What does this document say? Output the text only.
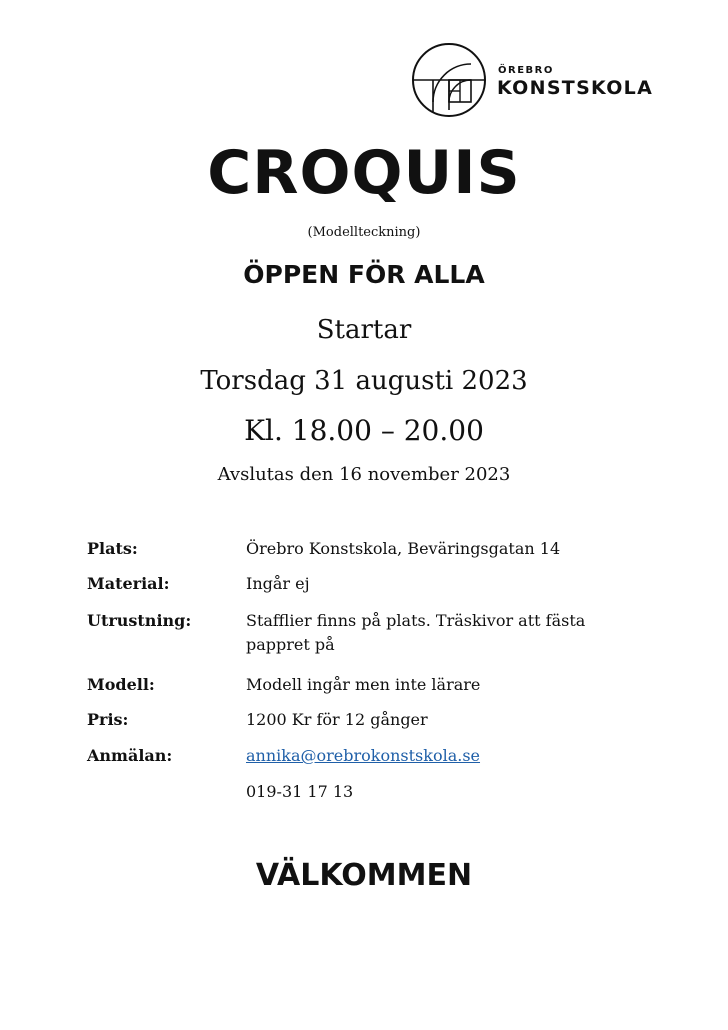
ÖREBRO
KONSTSKOLA
CROQUIS
(Modellteckning)
ÖPPEN FÖR ALLA
Startar
Torsdag 31 augusti 2023
Kl. 18.00 – 20.00
Avslutas den 16 november 2023
Plats:	Örebro Konstskola, Beväringsgatan 14
Material:	Ingår ej
Utrustning:	Stafflier finns på plats. Träskivor att fästa pappret på
Modell:	Modell ingår men inte lärare
Pris:	1200 Kr för 12 gånger
Anmälan:	annika@orebrokonstskola.se
019-31 17 13
VÄLKOMMEN
